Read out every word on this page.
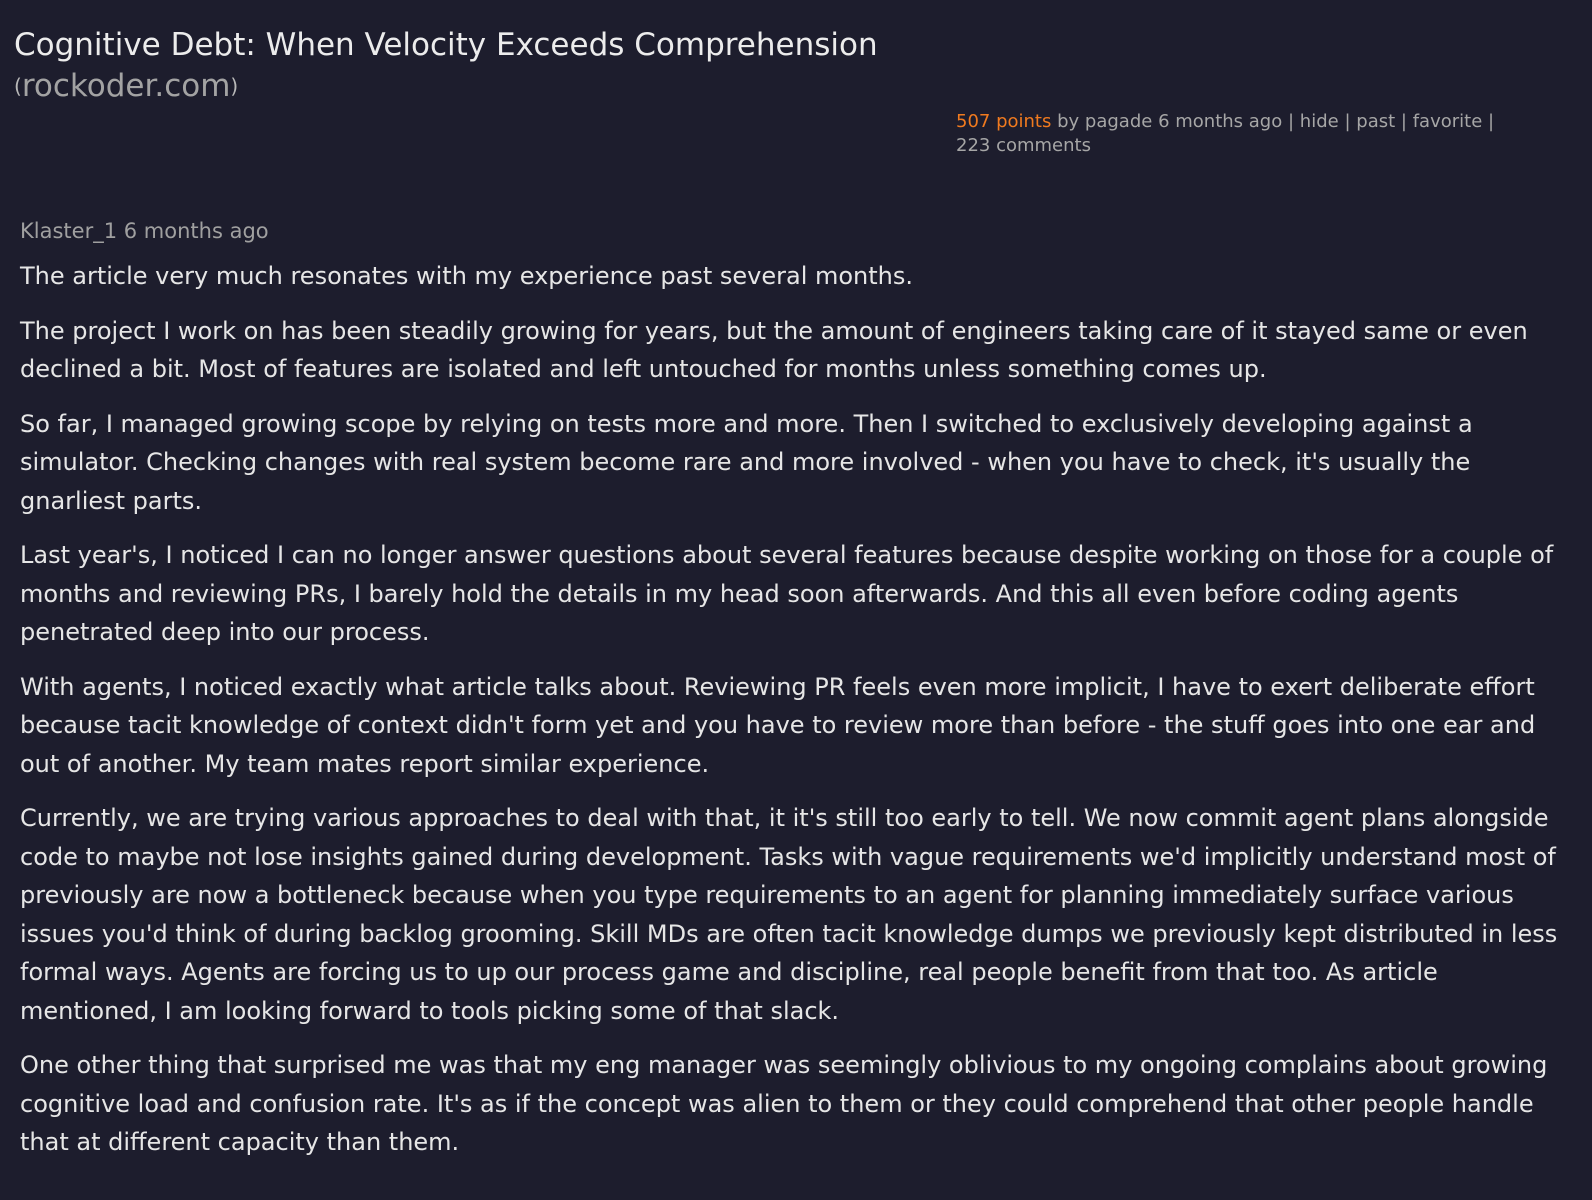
Cognitive Debt: When Velocity Exceeds Comprehension
(rockoder.com)
507 points by pagade 6 months ago | hide | past | favorite |
223 comments
Klaster_1 6 months ago

The article very much resonates with my experience past several months.

The project I work on has been steadily growing for years, but the amount of engineers taking care of it stayed same or even declined a bit. Most of features are isolated and left untouched for months unless something comes up.

So far, I managed growing scope by relying on tests more and more. Then I switched to exclusively developing against a simulator. Checking changes with real system become rare and more involved - when you have to check, it's usually the gnarliest parts.

Last year's, I noticed I can no longer answer questions about several features because despite working on those for a couple of months and reviewing PRs, I barely hold the details in my head soon afterwards. And this all even before coding agents penetrated deep into our process.

With agents, I noticed exactly what article talks about. Reviewing PR feels even more implicit, I have to exert deliberate effort because tacit knowledge of context didn't form yet and you have to review more than before - the stuff goes into one ear and out of another. My team mates report similar experience.

Currently, we are trying various approaches to deal with that, it it's still too early to tell. We now commit agent plans alongside code to maybe not lose insights gained during development. Tasks with vague requirements we'd implicitly understand most of previously are now a bottleneck because when you type requirements to an agent for planning immediately surface various issues you'd think of during backlog grooming. Skill MDs are often tacit knowledge dumps we previously kept distributed in less formal ways. Agents are forcing us to up our process game and discipline, real people benefit from that too. As article mentioned, I am looking forward to tools picking some of that slack.

One other thing that surprised me was that my eng manager was seemingly oblivious to my ongoing complains about growing cognitive load and confusion rate. It's as if the concept was alien to them or they could comprehend that other people handle that at different capacity than them.
